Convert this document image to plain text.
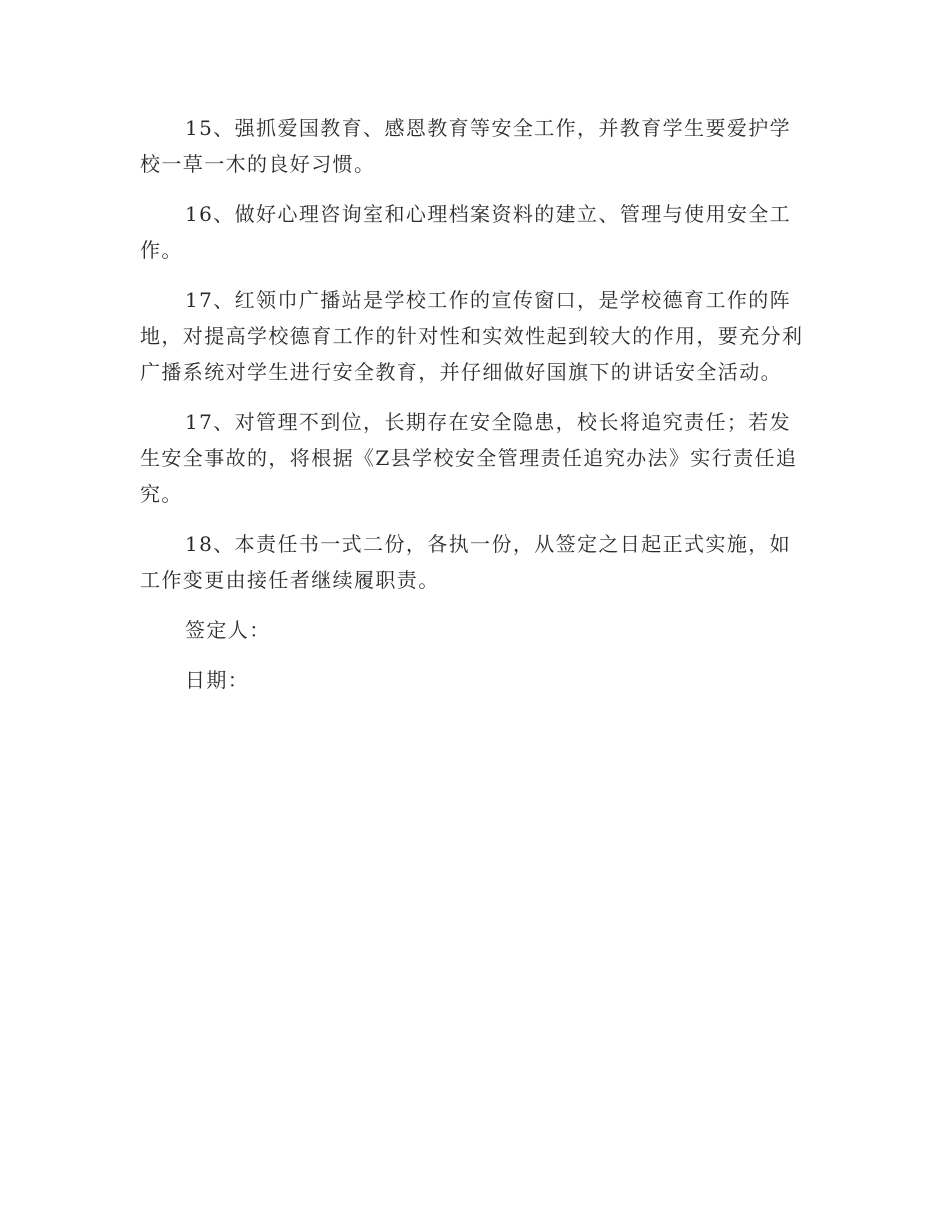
15、强抓爱国教育、感恩教育等安全工作，并教育学生要爱护学校一草一木的良好习惯。

16、做好心理咨询室和心理档案资料的建立、管理与使用安全工作。

17、红领巾广播站是学校工作的宣传窗口，是学校德育工作的阵地，对提高学校德育工作的针对性和实效性起到较大的作用，要充分利广播系统对学生进行安全教育，并仔细做好国旗下的讲话安全活动。

17、对管理不到位，长期存在安全隐患，校长将追究责任；若发生安全事故的，将根据《Z县学校安全管理责任追究办法》实行责任追究。

18、本责任书一式二份，各执一份，从签定之日起正式实施，如工作变更由接任者继续履职责。

签定人：

日期：
